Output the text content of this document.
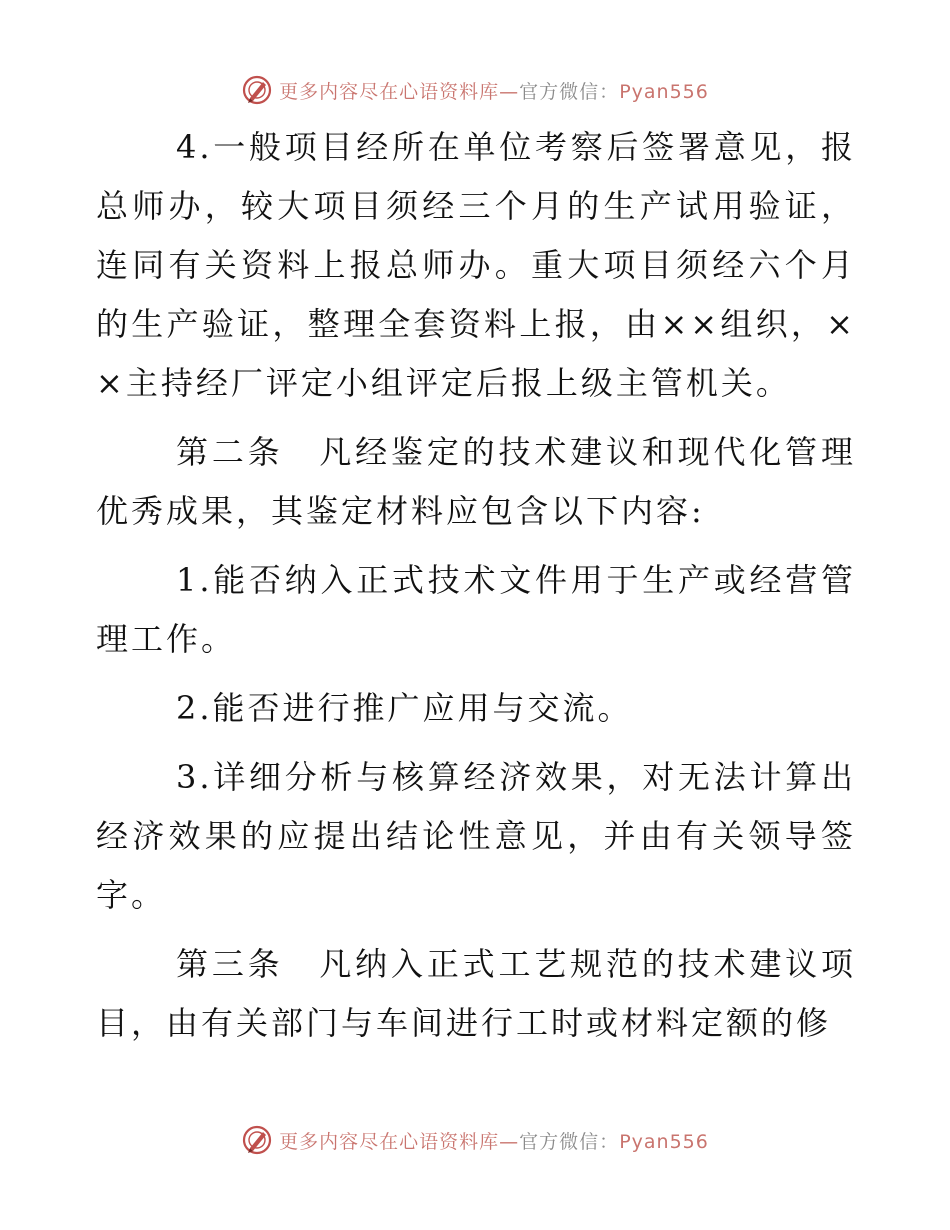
更多内容尽在心语资料库—官方微信：Pyan556

4.一般项目经所在单位考察后签署意见，报总师办，较大项目须经三个月的生产试用验证，连同有关资料上报总师办。重大项目须经六个月的生产验证，整理全套资料上报，由××组织，××主持经厂评定小组评定后报上级主管机关。

第二条　凡经鉴定的技术建议和现代化管理优秀成果，其鉴定材料应包含以下内容:

1.能否纳入正式技术文件用于生产或经营管理工作。

2.能否进行推广应用与交流。

3.详细分析与核算经济效果，对无法计算出经济效果的应提出结论性意见，并由有关领导签字。

第三条　凡纳入正式工艺规范的技术建议项目，由有关部门与车间进行工时或材料定额的修

更多内容尽在心语资料库—官方微信：Pyan556
